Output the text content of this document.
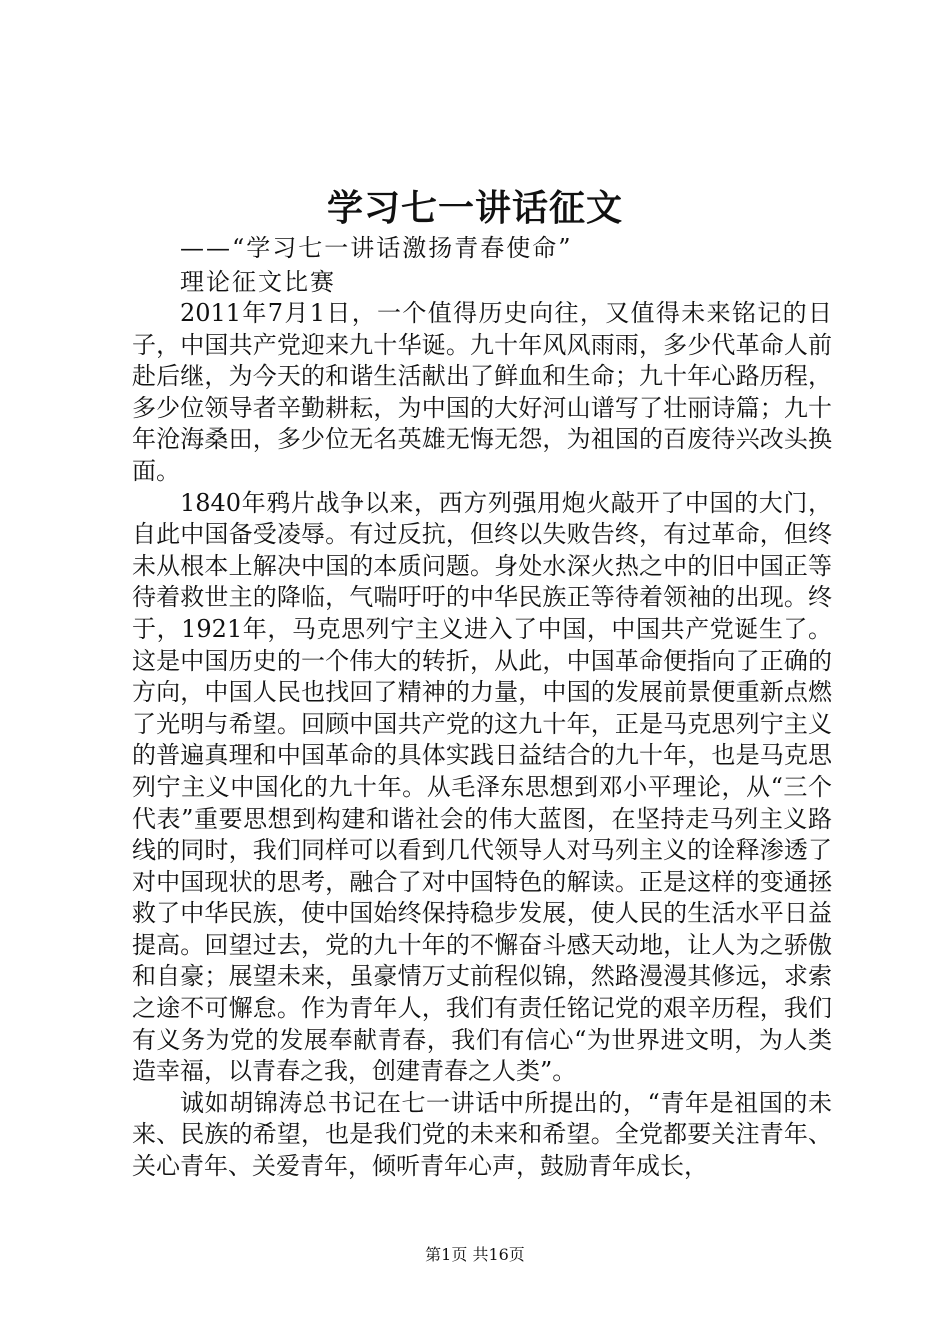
学习七一讲话征文
——“学习七一讲话激扬青春使命”
理论征文比赛

2011年7月1日，一个值得历史向往，又值得未来铭记的日子，中国共产党迎来九十华诞。九十年风风雨雨，多少代革命人前赴后继，为今天的和谐生活献出了鲜血和生命；九十年心路历程，多少位领导者辛勤耕耘，为中国的大好河山谱写了壮丽诗篇；九十年沧海桑田，多少位无名英雄无悔无怨，为祖国的百废待兴改头换面。

1840年鸦片战争以来，西方列强用炮火敲开了中国的大门，自此中国备受凌辱。有过反抗，但终以失败告终，有过革命，但终未从根本上解决中国的本质问题。身处水深火热之中的旧中国正等待着救世主的降临，气喘吁吁的中华民族正等待着领袖的出现。终于，1921年，马克思列宁主义进入了中国，中国共产党诞生了。这是中国历史的一个伟大的转折，从此，中国革命便指向了正确的方向，中国人民也找回了精神的力量，中国的发展前景便重新点燃了光明与希望。回顾中国共产党的这九十年，正是马克思列宁主义的普遍真理和中国革命的具体实践日益结合的九十年，也是马克思列宁主义中国化的九十年。从毛泽东思想到邓小平理论，从“三个代表”重要思想到构建和谐社会的伟大蓝图，在坚持走马列主义路线的同时，我们同样可以看到几代领导人对马列主义的诠释渗透了对中国现状的思考，融合了对中国特色的解读。正是这样的变通拯救了中华民族，使中国始终保持稳步发展，使人民的生活水平日益提高。回望过去，党的九十年的不懈奋斗感天动地，让人为之骄傲和自豪；展望未来，虽豪情万丈前程似锦，然路漫漫其修远，求索之途不可懈怠。作为青年人，我们有责任铭记党的艰辛历程，我们有义务为党的发展奉献青春，我们有信心“为世界进文明，为人类造幸福，以青春之我，创建青春之人类”。

诚如胡锦涛总书记在七一讲话中所提出的，“青年是祖国的未来、民族的希望，也是我们党的未来和希望。全党都要关注青年、关心青年、关爱青年，倾听青年心声，鼓励青年成长，

第1页 共16页
